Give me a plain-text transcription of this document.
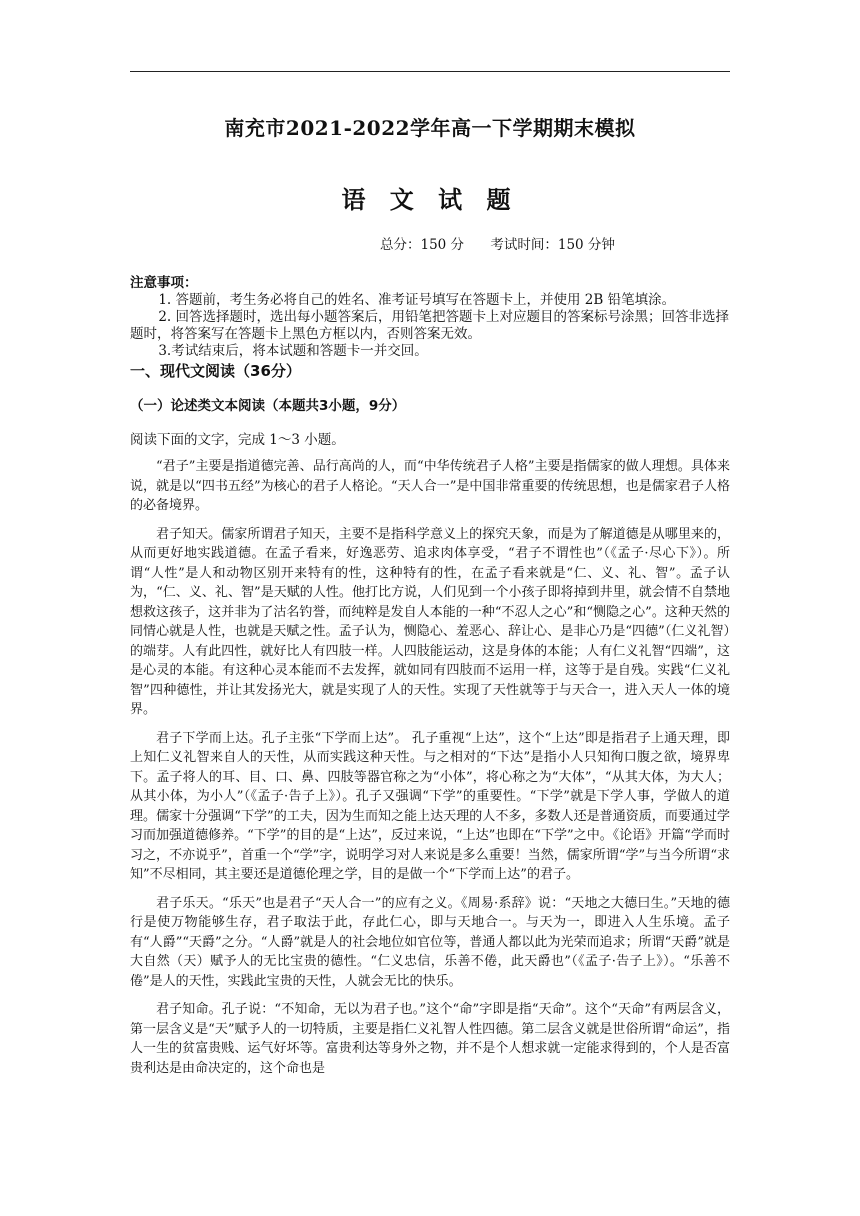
南充市2021-2022学年高一下学期期末模拟
语 文 试 题
总分：150 分 考试时间：150 分钟
注意事项：
1. 答题前，考生务必将自己的姓名、准考证号填写在答题卡上，并使用 2B 铅笔填涂。
2. 回答选择题时，选出每小题答案后，用铅笔把答题卡上对应题目的答案标号涂黑；回答非选择题时，将答案写在答题卡上黑色方框以内，否则答案无效。
3.考试结束后，将本试题和答题卡一并交回。
一、现代文阅读（36分）
（一）论述类文本阅读（本题共3小题，9分）
阅读下面的文字，完成 1～3 小题。

“君子”主要是指道德完善、品行高尚的人，而“中华传统君子人格”主要是指儒家的做人理想。具体来说，就是以“四书五经”为核心的君子人格论。“天人合一”是中国非常重要的传统思想，也是儒家君子人格的必备境界。

君子知天。儒家所谓君子知天，主要不是指科学意义上的探究天象，而是为了解道德是从哪里来的，从而更好地实践道德。在孟子看来，好逸恶劳、追求肉体享受，“君子不谓性也”（《孟子·尽心下》）。所谓“人性”是人和动物区别开来特有的性，这种特有的性，在孟子看来就是“仁、义、礼、智”。孟子认为，“仁、义、礼、智”是天赋的人性。他打比方说，人们见到一个小孩子即将掉到井里，就会情不自禁地想救这孩子，这并非为了沽名钓誉，而纯粹是发自人本能的一种“不忍人之心”和“恻隐之心”。这种天然的同情心就是人性，也就是天赋之性。孟子认为，恻隐心、羞恶心、辞让心、是非心乃是“四德”（仁义礼智）的端芽。人有此四性，就好比人有四肢一样。人四肢能运动，这是身体的本能；人有仁义礼智“四端”，这是心灵的本能。有这种心灵本能而不去发挥，就如同有四肢而不运用一样，这等于是自残。实践“仁义礼智”四种德性，并让其发扬光大，就是实现了人的天性。实现了天性就等于与天合一，进入天人一体的境界。

君子下学而上达。孔子主张“下学而上达”。 孔子重视“上达”，这个“上达”即是指君子上通天理，即上知仁义礼智来自人的天性，从而实践这种天性。与之相对的“下达”是指小人只知徇口腹之欲，境界卑下。孟子将人的耳、目、口、鼻、四肢等器官称之为“小体”，将心称之为“大体”，“从其大体，为大人；从其小体，为小人”（《孟子·告子上》）。孔子又强调“下学”的重要性。“下学”就是下学人事，学做人的道理。儒家十分强调“下学”的工夫，因为生而知之能上达天理的人不多，多数人还是普通资质，而要通过学习而加强道德修养。“下学”的目的是“上达”，反过来说，“上达”也即在“下学”之中。《论语》开篇“学而时习之，不亦说乎”，首重一个“学”字，说明学习对人来说是多么重要！当然，儒家所谓“学”与当今所谓“求知”不尽相同，其主要还是道德伦理之学，目的是做一个“下学而上达”的君子。

君子乐天。“乐天”也是君子“天人合一”的应有之义。《周易·系辞》说：“天地之大德曰生。”天地的德行是使万物能够生存，君子取法于此，存此仁心，即与天地合一。与天为一，即进入人生乐境。孟子有“人爵”“天爵”之分。“人爵”就是人的社会地位如官位等，普通人都以此为光荣而追求；所谓“天爵”就是大自然（天）赋予人的无比宝贵的德性。“仁义忠信，乐善不倦，此天爵也”（《孟子·告子上》）。“乐善不倦”是人的天性，实践此宝贵的天性，人就会无比的快乐。

君子知命。孔子说：“不知命，无以为君子也。”这个“命”字即是指“天命”。这个“天命”有两层含义，第一层含义是“天”赋予人的一切特质，主要是指仁义礼智人性四德。第二层含义就是世俗所谓“命运”，指人一生的贫富贵贱、运气好坏等。富贵利达等身外之物，并不是个人想求就一定能求得到的，个人是否富贵利达是由命决定的，这个命也是
